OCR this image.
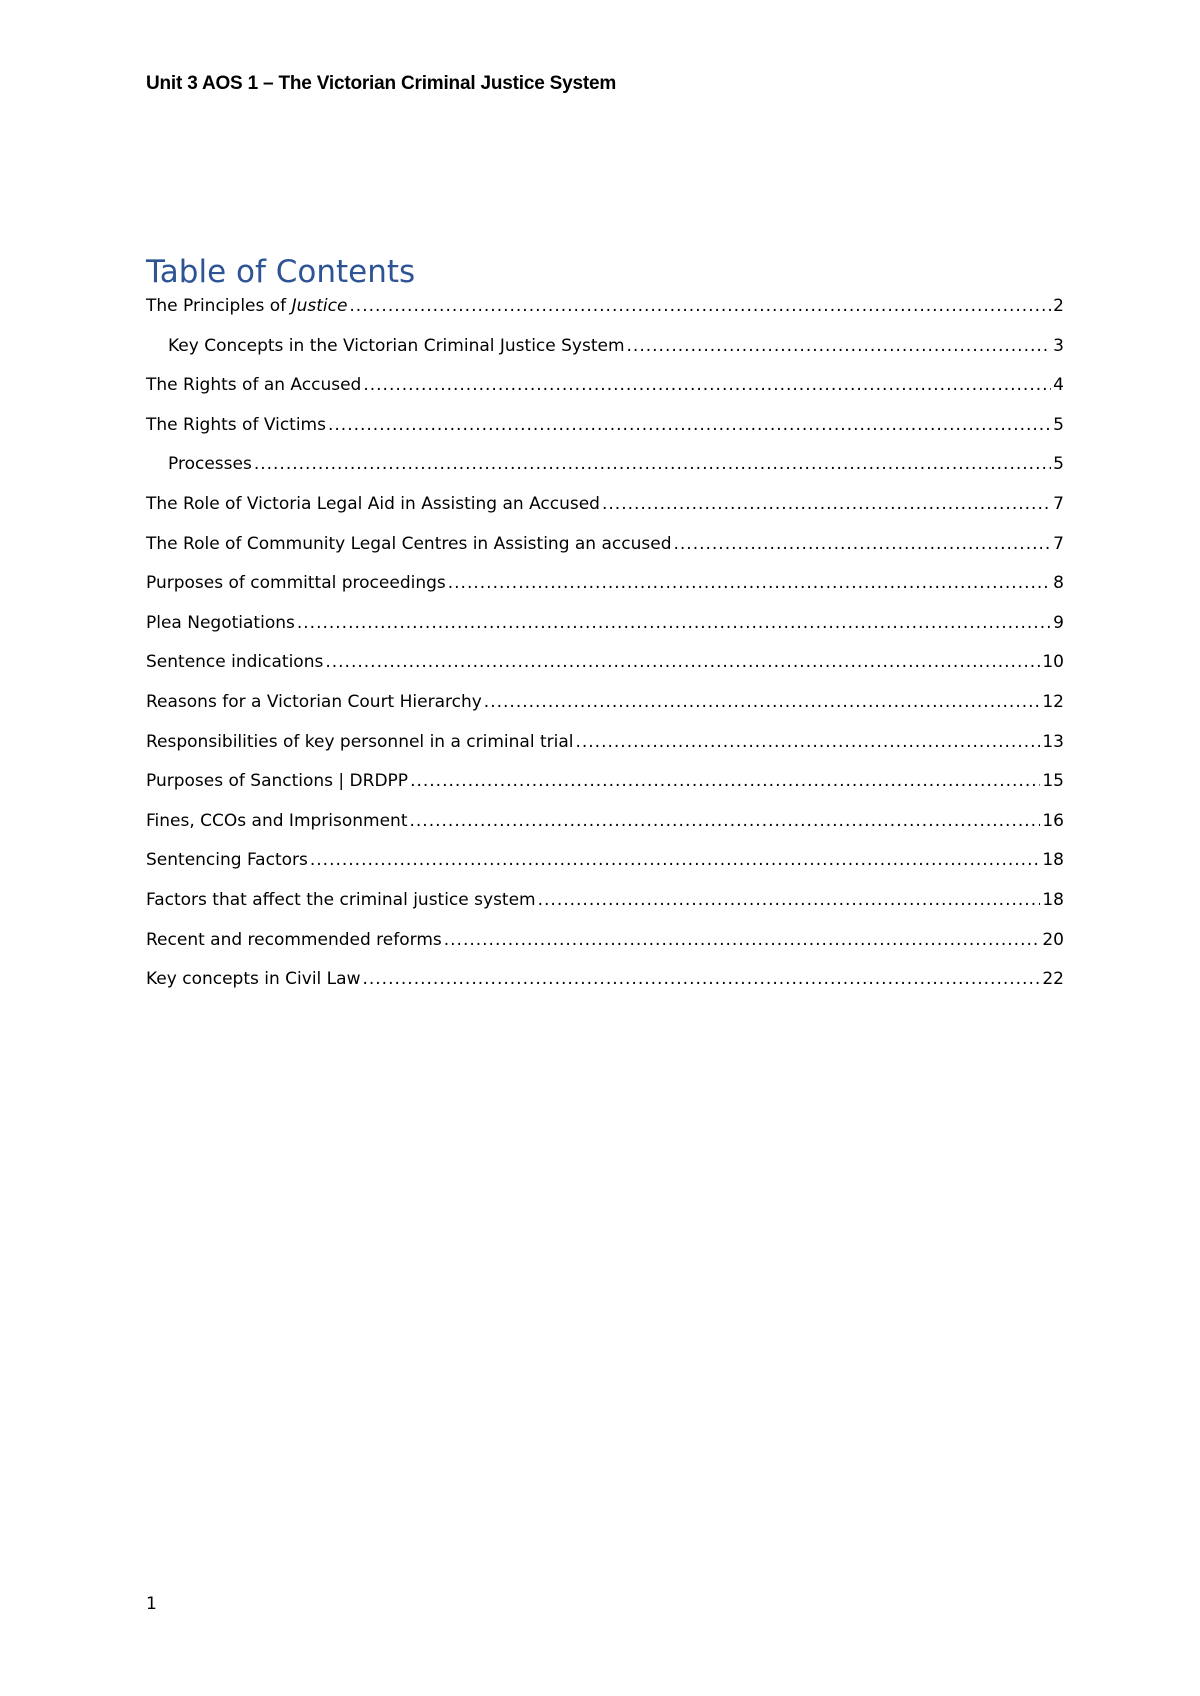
Unit 3 AOS 1 – The Victorian Criminal Justice System
Table of Contents
The Principles of Justice .....	2
Key Concepts in the Victorian Criminal Justice System .....	3
The Rights of an Accused .....	4
The Rights of Victims .....	5
Processes .....	5
The Role of Victoria Legal Aid in Assisting an Accused .....	7
The Role of Community Legal Centres in Assisting an accused .....	7
Purposes of committal proceedings .....	8
Plea Negotiations .....	9
Sentence indications .....	10
Reasons for a Victorian Court Hierarchy .....	12
Responsibilities of key personnel in a criminal trial .....	13
Purposes of Sanctions | DRDPP .....	15
Fines, CCOs and Imprisonment .....	16
Sentencing Factors .....	18
Factors that affect the criminal justice system .....	18
Recent and recommended reforms .....	20
Key concepts in Civil Law .....	22
1
